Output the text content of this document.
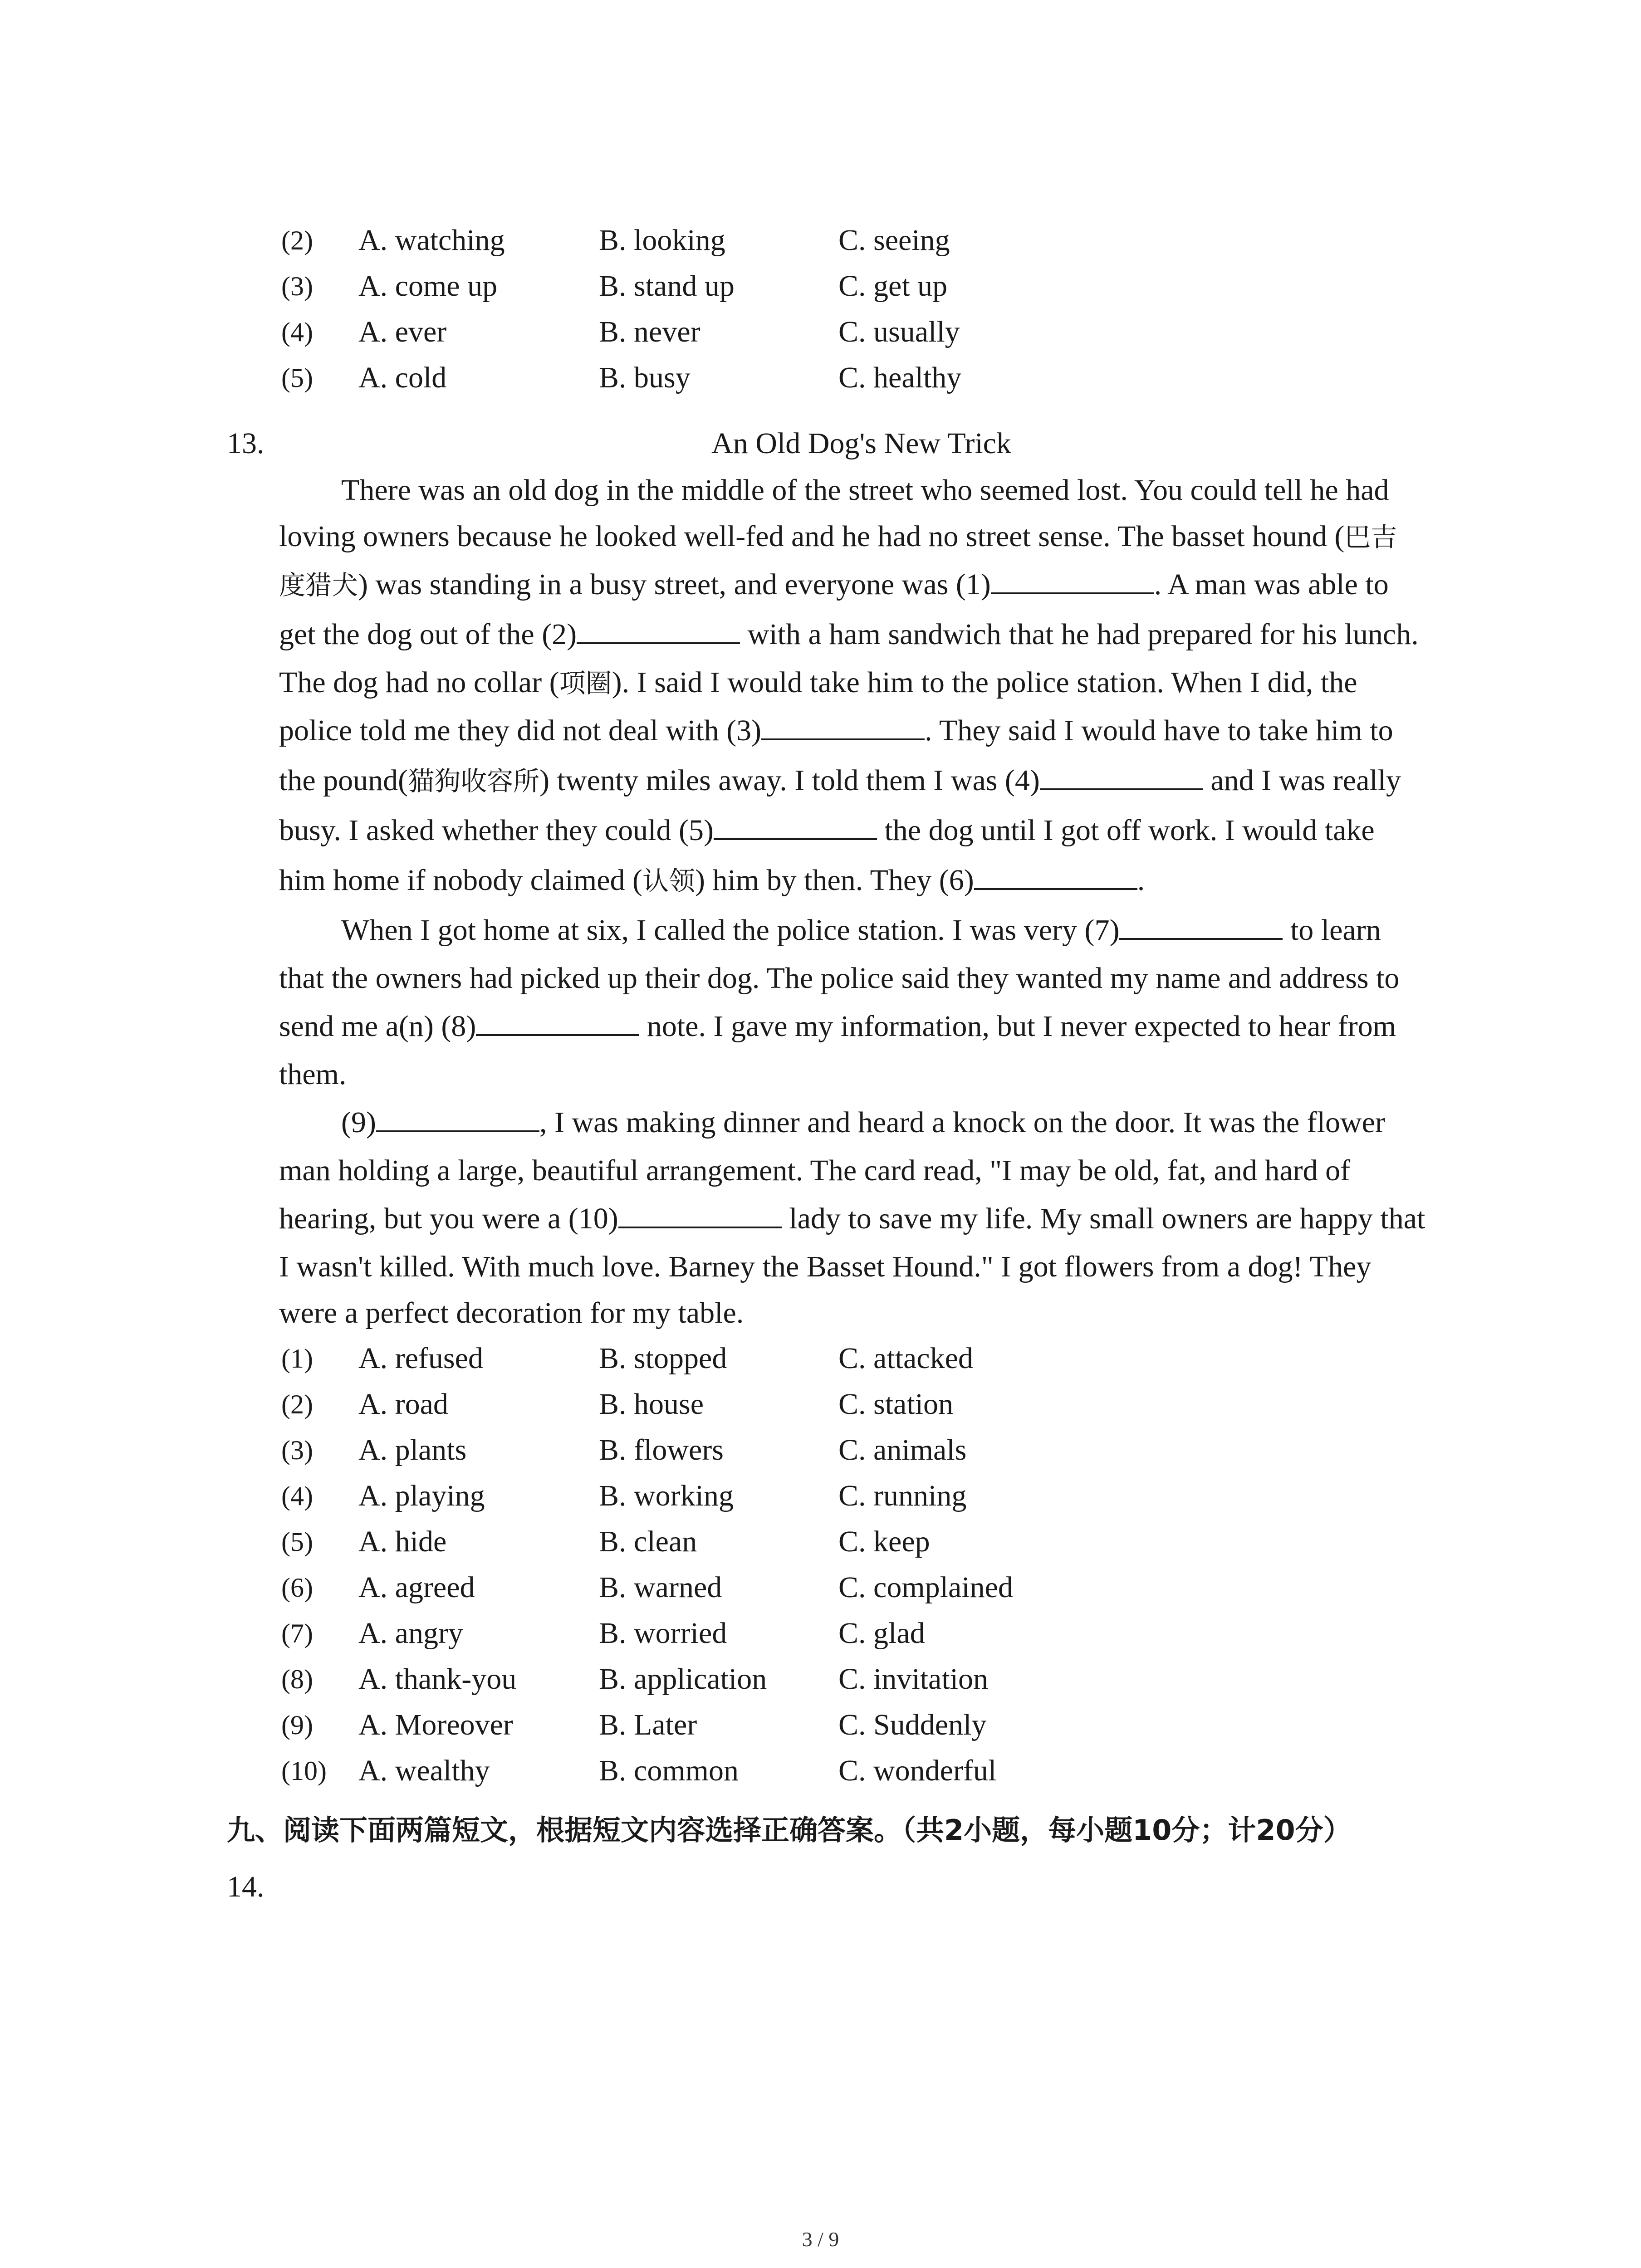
(2) A. watching	B. looking	C. seeing
(3) A. come up	B. stand up	C. get up
(4) A. ever	B. never	C. usually
(5) A. cold	B. busy	C. healthy
13.	An Old Dog's New Trick

There was an old dog in the middle of the street who seemed lost. You could tell he had
loving owners because he looked well-fed and he had no street sense. The basset hound (巴吉
度猎犬) was standing in a busy street, and everyone was (1)	. A man was able to
get the dog out of the (2)	with a ham sandwich that he had prepared for his lunch.
The dog had no collar (项圈). I said I would take him to the police station. When I did, the
police told me they did not deal with (3)	. They said I would have to take him to
the pound(猫狗收容所) twenty miles away. I told them I was (4)	and I was really
busy. I asked whether they could (5)	the dog until I got off work. I would take
him home if nobody claimed (认领) him by then. They (6)	.

When I got home at six, I called the police station. I was very (7)	to learn
that the owners had picked up their dog. The police said they wanted my name and address to
send me a(n) (8)	note. I gave my information, but I never expected to hear from
them.

(9)	, I was making dinner and heard a knock on the door. It was the flower
man holding a large, beautiful arrangement. The card read, "I may be old, fat, and hard of
hearing, but you were a (10)	lady to save my life. My small owners are happy that
I wasn't killed. With much love. Barney the Basset Hound." I got flowers from a dog! They
were a perfect decoration for my table.

(1) A. refused	B. stopped	C. attacked
(2) A. road	B. house	C. station
(3) A. plants	B. flowers	C. animals
(4) A. playing	B. working	C. running
(5) A. hide	B. clean	C. keep
(6) A. agreed	B. warned	C. complained
(7) A. angry	B. worried	C. glad
(8) A. thank-you	B. application C. invitation
(9) A. Moreover	B. Later	C. Suddenly
(10) A. wealthy	B. common	C. wonderful
九、阅读下面两篇短文，根据短文内容选择正确答案。（共2小题，每小题10分；计20分）
14.
3 / 9
